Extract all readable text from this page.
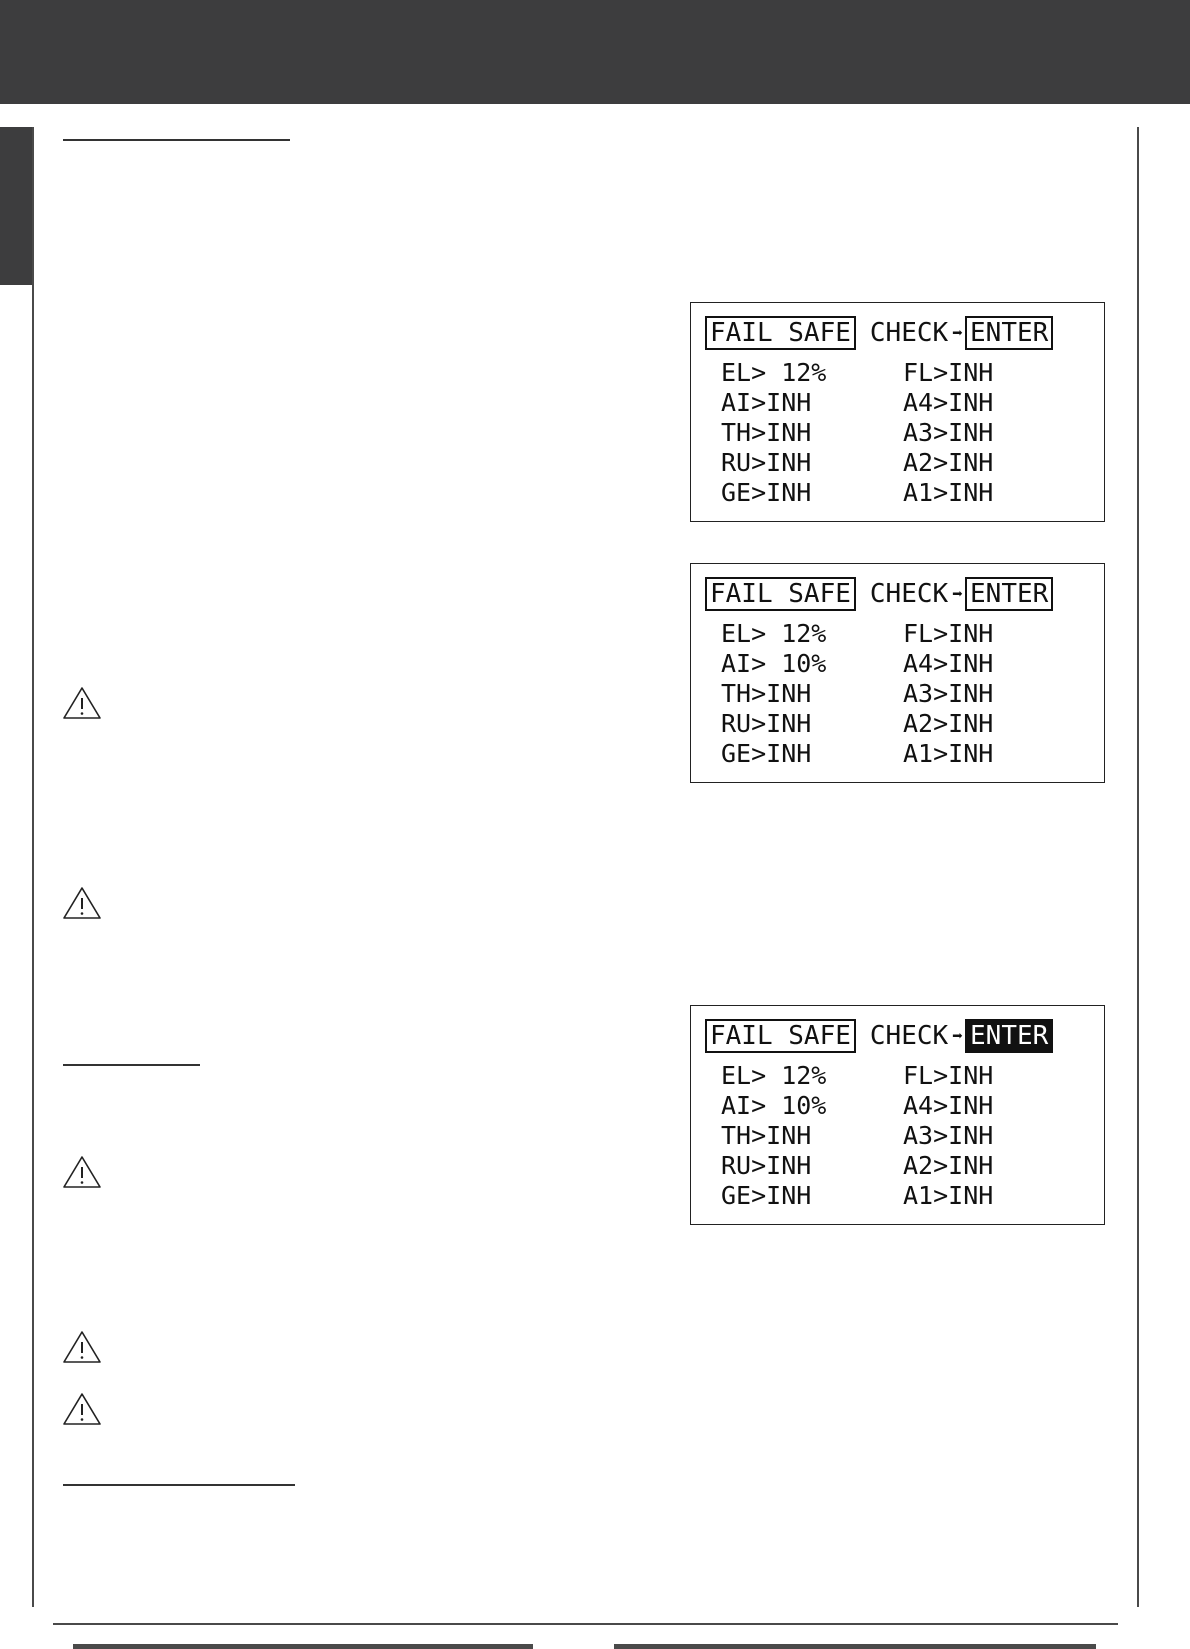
FAIL SAFE CHECK ➡ ENTER
EL> 12%	FL>INH
AI>INH	A4>INH
TH>INH	A3>INH
RU>INH	A2>INH
GE>INH	A1>INH
FAIL SAFE CHECK ➡ ENTER
EL> 12%	FL>INH
AI> 10%	A4>INH
TH>INH	A3>INH
RU>INH	A2>INH
GE>INH	A1>INH
FAIL SAFE CHECK ➡ ENTER
EL> 12%	FL>INH
AI> 10%	A4>INH
TH>INH	A3>INH
RU>INH	A2>INH
GE>INH	A1>INH
